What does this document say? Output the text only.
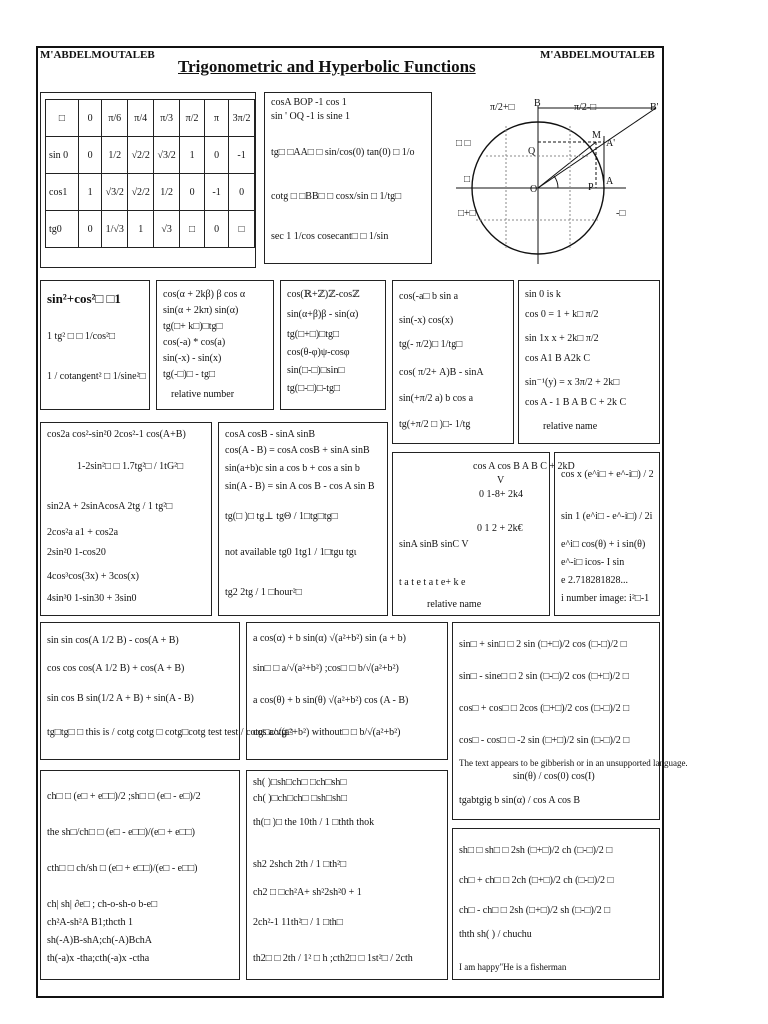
M'ABDELMOUTALEB	M'ABDELMOUTALEB
Trigonometric and Hyperbolic Functions
□	0	π/6	π/4	π/3	π/2	π	3π/2
sin 0	0	1/2	√2/2	√3/2	1	0	-1
cos1	1	√3/2	√2/2	1/2	0	-1	0
tg0	0	1/√3	1	√3	□	0	□
cosA BOP -1 cos 1
sin ' OQ -1 is sine 1
tg□ □AA□ □ sin/cos(0) tan(0) □ 1/o
cotg □ □BB□ □ cosx/sin □ 1/tg□
sec 1 1/cos cosecant□ □ 1/sin
π/2+□ B	π/2-□	B'
M
A'
Q
□
O	P
A
□ □
□+□	-□
sin²+cos²□ □1
1 tg² □ □ 1/cos²□
1 / cotangent² □ 1/sine²□
cos(α + 2kβ) β cos α
sin(α + 2kπ) sin(α)
tg(□+ k□)□tg□
cos(-a) * cos(a)
sin(-x) - sin(x)
tg(-□)□ - tg□
relative number
cos(ℝ+ℤ)ℤ-cosℤ
sin(α+β)β - sin(α)
tg(□+□)□tg□
cos(θ-φ)ψ-cosφ
sin(□-□)□sin□
tg(□-□)□-tg□
cos(-a□ b sin a
sin(-x) cos(x)
tg(- π/2)□ 1/tg□
cos( π/2+ A)B - sinA
sin(+π/2 a) b cos a
tg(+π/2 □ )□- 1/tg
sin 0 is k
cos 0 = 1 + k□ π/2
sin 1x x + 2k□ π/2
cos A1 B A2k C
sin⁻¹(y) = x 3π/2 + 2k□
cos A - 1 B A B C + 2k C
relative name
cos2a cos²-sin²0 2cos²-1 cos(A+B)
1-2sin²□ □ 1.7tg²□ / 1tG²□
sin2A + 2sinAcosA 2tg / 1 tg²□
2cos²a a1 + cos2a
2sin²0 1-cos20
4cos³cos(3x) + 3cos(x)
4sin³0 1-sin30 + 3sin0
cosA cosB - sinA sinB
cos(A - B) = cosA cosB + sinA sinB
sin(a+b)c sin a cos b + cos a sin b
sin(A - B) = sin A cos B - cos A sin B
tg(□ )□ tg⊥ tgΘ / 1□tg□tg□
not available tg0 1tg1 / 1□tgu tgι
tg2 2tg / 1 □hour²□
cos A cos B A B C + 2kD
V
0 1-8+ 2k4
0 1 2 + 2k€
sinA sinB sinC V
t a t e t a t e+ k e
relative name
cos x (e^i□ + e^-i□) / 2
sin 1 (e^i□ - e^-i□) / 2i
e^i□ cos(θ) + i sin(θ)
e^-i□ icos- I sin
e 2.718281828...
i number image: i²□-1
sin sin cos(A 1/2 B) - cos(A + B)
cos cos cos(A 1/2 B) + cos(A + B)
sin cos B sin(1/2 A + B) + sin(A - B)
tg□tg□ □ this is / cotg cotg □ cotg□cotg test test / cotg□cotg□
a cos(α) + b sin(α) √(a²+b²) sin (a + b)
sin□ □ a/√(a²+b²) ;cos□ □ b/√(a²+b²)
a cos(θ) + b sin(θ) √(a²+b²) cos (A - B)
cos a/√(a²+b²) without□ □ b/√(a²+b²)
sin□ + sin□ □ 2 sin (□+□)/2 cos (□-□)/2 □
sin□ - sine□ □ 2 sin (□-□)/2 cos (□+□)/2 □
cos□ + cos□ □ 2cos (□+□)/2 cos (□-□)/2 □
cos□ - cos□ □ -2 sin (□+□)/2 sin (□-□)/2 □
The text appears to be gibberish or in an unsupported language.
sin(θ) / cos(0) cos(I)
tgabtgig b sin(α) / cos A cos B
ch□ □ (e□ + e□□)/2 ;sh□ □ (e□ - e□)/2
the sh□/ch□ □ (e□ - e□□)/(e□ + e□□)
cth□ □ ch/sh □ (e□ + e□□)/(e□ - e□□)
ch| sh| ∂e□ ; ch-o-sh-o b-e□
ch²A-sh²A B1;thcth 1
sh(-A)B-shA;ch(-A)BchA
th(-a)x -tha;cth(-a)x -ctha
sh( )□sh□ch□ □ch□sh□
ch( )□ch□ch□ □sh□sh□
th(□ )□ the 10th / 1 □thth thok
sh2 2shch 2th / 1 □th²□
ch2 □ □ch²A+ sh²2sh²0 + 1
2ch²-1 11th²□ / 1 □th□
th2□ □ 2th / 1² □ h ;cth2□ □ 1st²□ / 2cth
sh□ □ sh□ □ 2sh (□+□)/2 ch (□-□)/2 □
ch□ + ch□ □ 2ch (□+□)/2 ch (□-□)/2 □
ch□ - ch□ □ 2sh (□+□)/2 sh (□-□)/2 □
thth sh( ) / chuchu
I am happy"He is a fisherman
